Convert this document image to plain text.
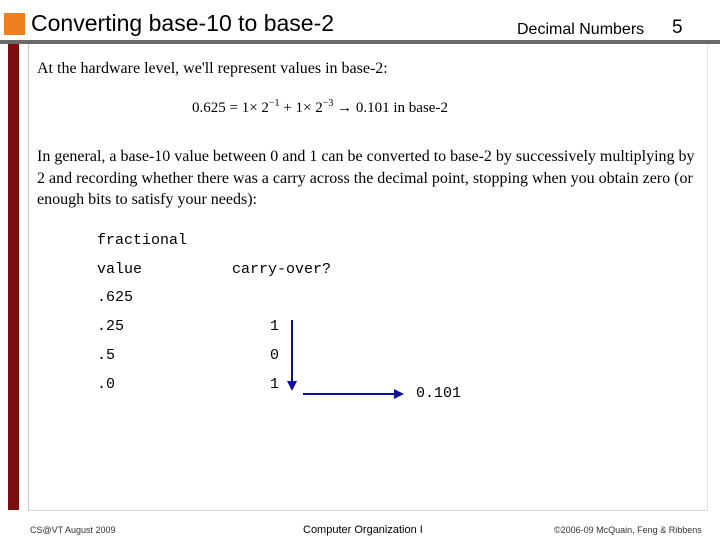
Converting base-10 to base-2	Decimal Numbers 5
At the hardware level, we'll represent values in base-2:
$0.625 = 1\times 2^{-1} + 1\times 2^{-3} \to 0.101$ in base-2
In general, a base-10 value between 0 and 1 can be converted to base-2 by successively multiplying by 2 and recording whether there was a carry across the decimal point, stopping when you obtain zero (or enough bits to satisfy your needs):
fractional
value	carry-over?
.625
.25	1
.5	0
.0	1
0.101
CS@VT August 2009	Computer Organization I	©2006-09 McQuain, Feng & Ribbens
